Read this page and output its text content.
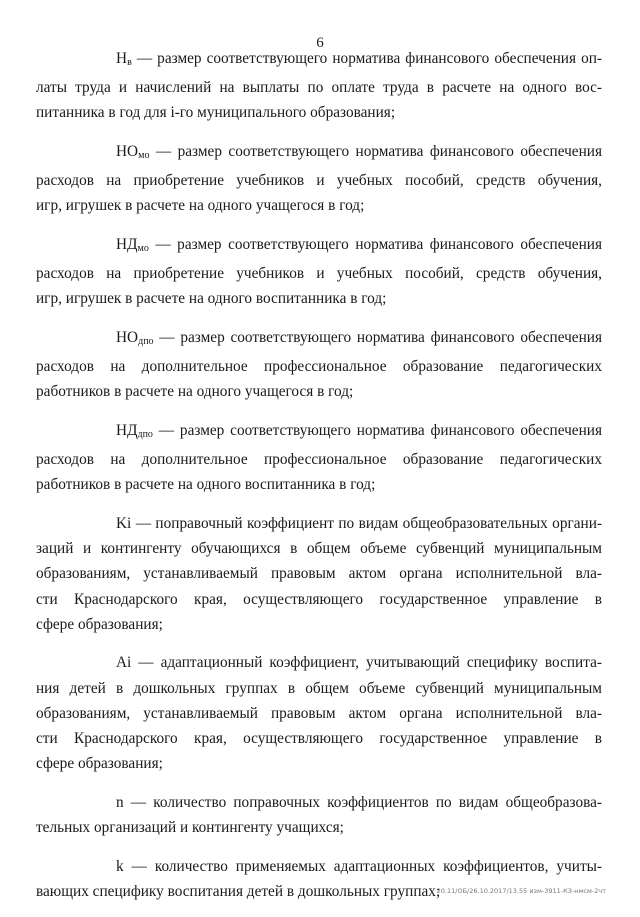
6
$Н_в$ — размер соответствующего норматива финансового обеспечения оп-
латы труда и начислений на выплаты по оплате труда в расчете на одного вос-
питанника в год для i-го муниципального образования;
$НО_{мо}$ — размер соответствующего норматива финансового обеспечения
расходов на приобретение учебников и учебных пособий, средств обучения,
игр, игрушек в расчете на одного учащегося в год;
$НД_{мо}$ — размер соответствующего норматива финансового обеспечения
расходов на приобретение учебников и учебных пособий, средств обучения,
игр, игрушек в расчете на одного воспитанника в год;
$НО_{дпо}$ — размер соответствующего норматива финансового обеспечения
расходов на дополнительное профессиональное образование педагогических
работников в расчете на одного учащегося в год;
$НД_{дпо}$ — размер соответствующего норматива финансового обеспечения
расходов на дополнительное профессиональное образование педагогических
работников в расчете на одного воспитанника в год;
Ki — поправочный коэффициент по видам общеобразовательных органи-
заций и контингенту обучающихся в общем объеме субвенций муниципальным
образованиям, устанавливаемый правовым актом органа исполнительной вла-
сти Краснодарского края, осуществляющего государственное управление в
сфере образования;
Ai — адаптационный коэффициент, учитывающий специфику воспита-
ния детей в дошкольных группах в общем объеме субвенций муниципальным
образованиям, устанавливаемый правовым актом органа исполнительной вла-
сти Краснодарского края, осуществляющего государственное управление в
сфере образования;
n — количество поправочных коэффициентов по видам общеобразова-
тельных организаций и контингенту учащихся;
k — количество применяемых адаптационных коэффициентов, учиты-
вающих специфику воспитания детей в дошкольных группах;
20.11/ОБ/26.10.2017/13.55 изм-3911-КЗ-нмсм-2чт
